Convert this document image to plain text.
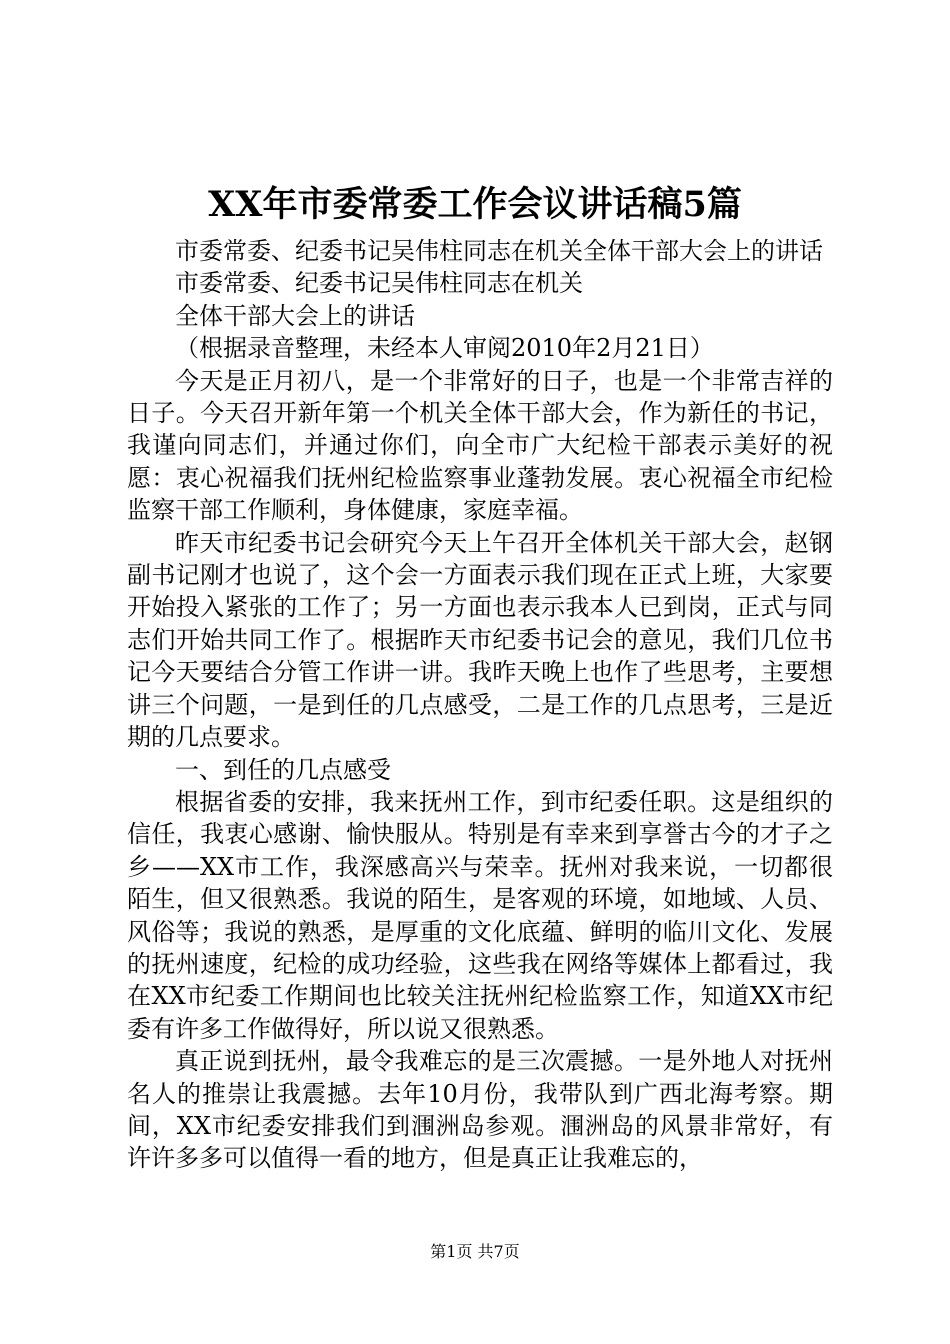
XX年市委常委工作会议讲话稿5篇

市委常委、纪委书记吴伟柱同志在机关全体干部大会上的讲话

市委常委、纪委书记吴伟柱同志在机关

全体干部大会上的讲话

（根据录音整理，未经本人审阅2010年2月21日）

今天是正月初八，是一个非常好的日子，也是一个非常吉祥的日子。今天召开新年第一个机关全体干部大会，作为新任的书记，我谨向同志们，并通过你们，向全市广大纪检干部表示美好的祝愿：衷心祝福我们抚州纪检监察事业蓬勃发展。衷心祝福全市纪检监察干部工作顺利，身体健康，家庭幸福。

昨天市纪委书记会研究今天上午召开全体机关干部大会，赵钢副书记刚才也说了，这个会一方面表示我们现在正式上班，大家要开始投入紧张的工作了；另一方面也表示我本人已到岗，正式与同志们开始共同工作了。根据昨天市纪委书记会的意见，我们几位书记今天要结合分管工作讲一讲。我昨天晚上也作了些思考，主要想讲三个问题，一是到任的几点感受，二是工作的几点思考，三是近期的几点要求。

一、到任的几点感受

根据省委的安排，我来抚州工作，到市纪委任职。这是组织的信任，我衷心感谢、愉快服从。特别是有幸来到享誉古今的才子之乡——XX市工作，我深感高兴与荣幸。抚州对我来说，一切都很陌生，但又很熟悉。我说的陌生，是客观的环境，如地域、人员、风俗等；我说的熟悉，是厚重的文化底蕴、鲜明的临川文化、发展的抚州速度，纪检的成功经验，这些我在网络等媒体上都看过，我在XX市纪委工作期间也比较关注抚州纪检监察工作，知道XX市纪委有许多工作做得好，所以说又很熟悉。

真正说到抚州，最令我难忘的是三次震撼。一是外地人对抚州名人的推崇让我震撼。去年10月份，我带队到广西北海考察。期间，XX市纪委安排我们到涠洲岛参观。涠洲岛的风景非常好，有许许多多可以值得一看的地方，但是真正让我难忘的，

第1页 共7页
